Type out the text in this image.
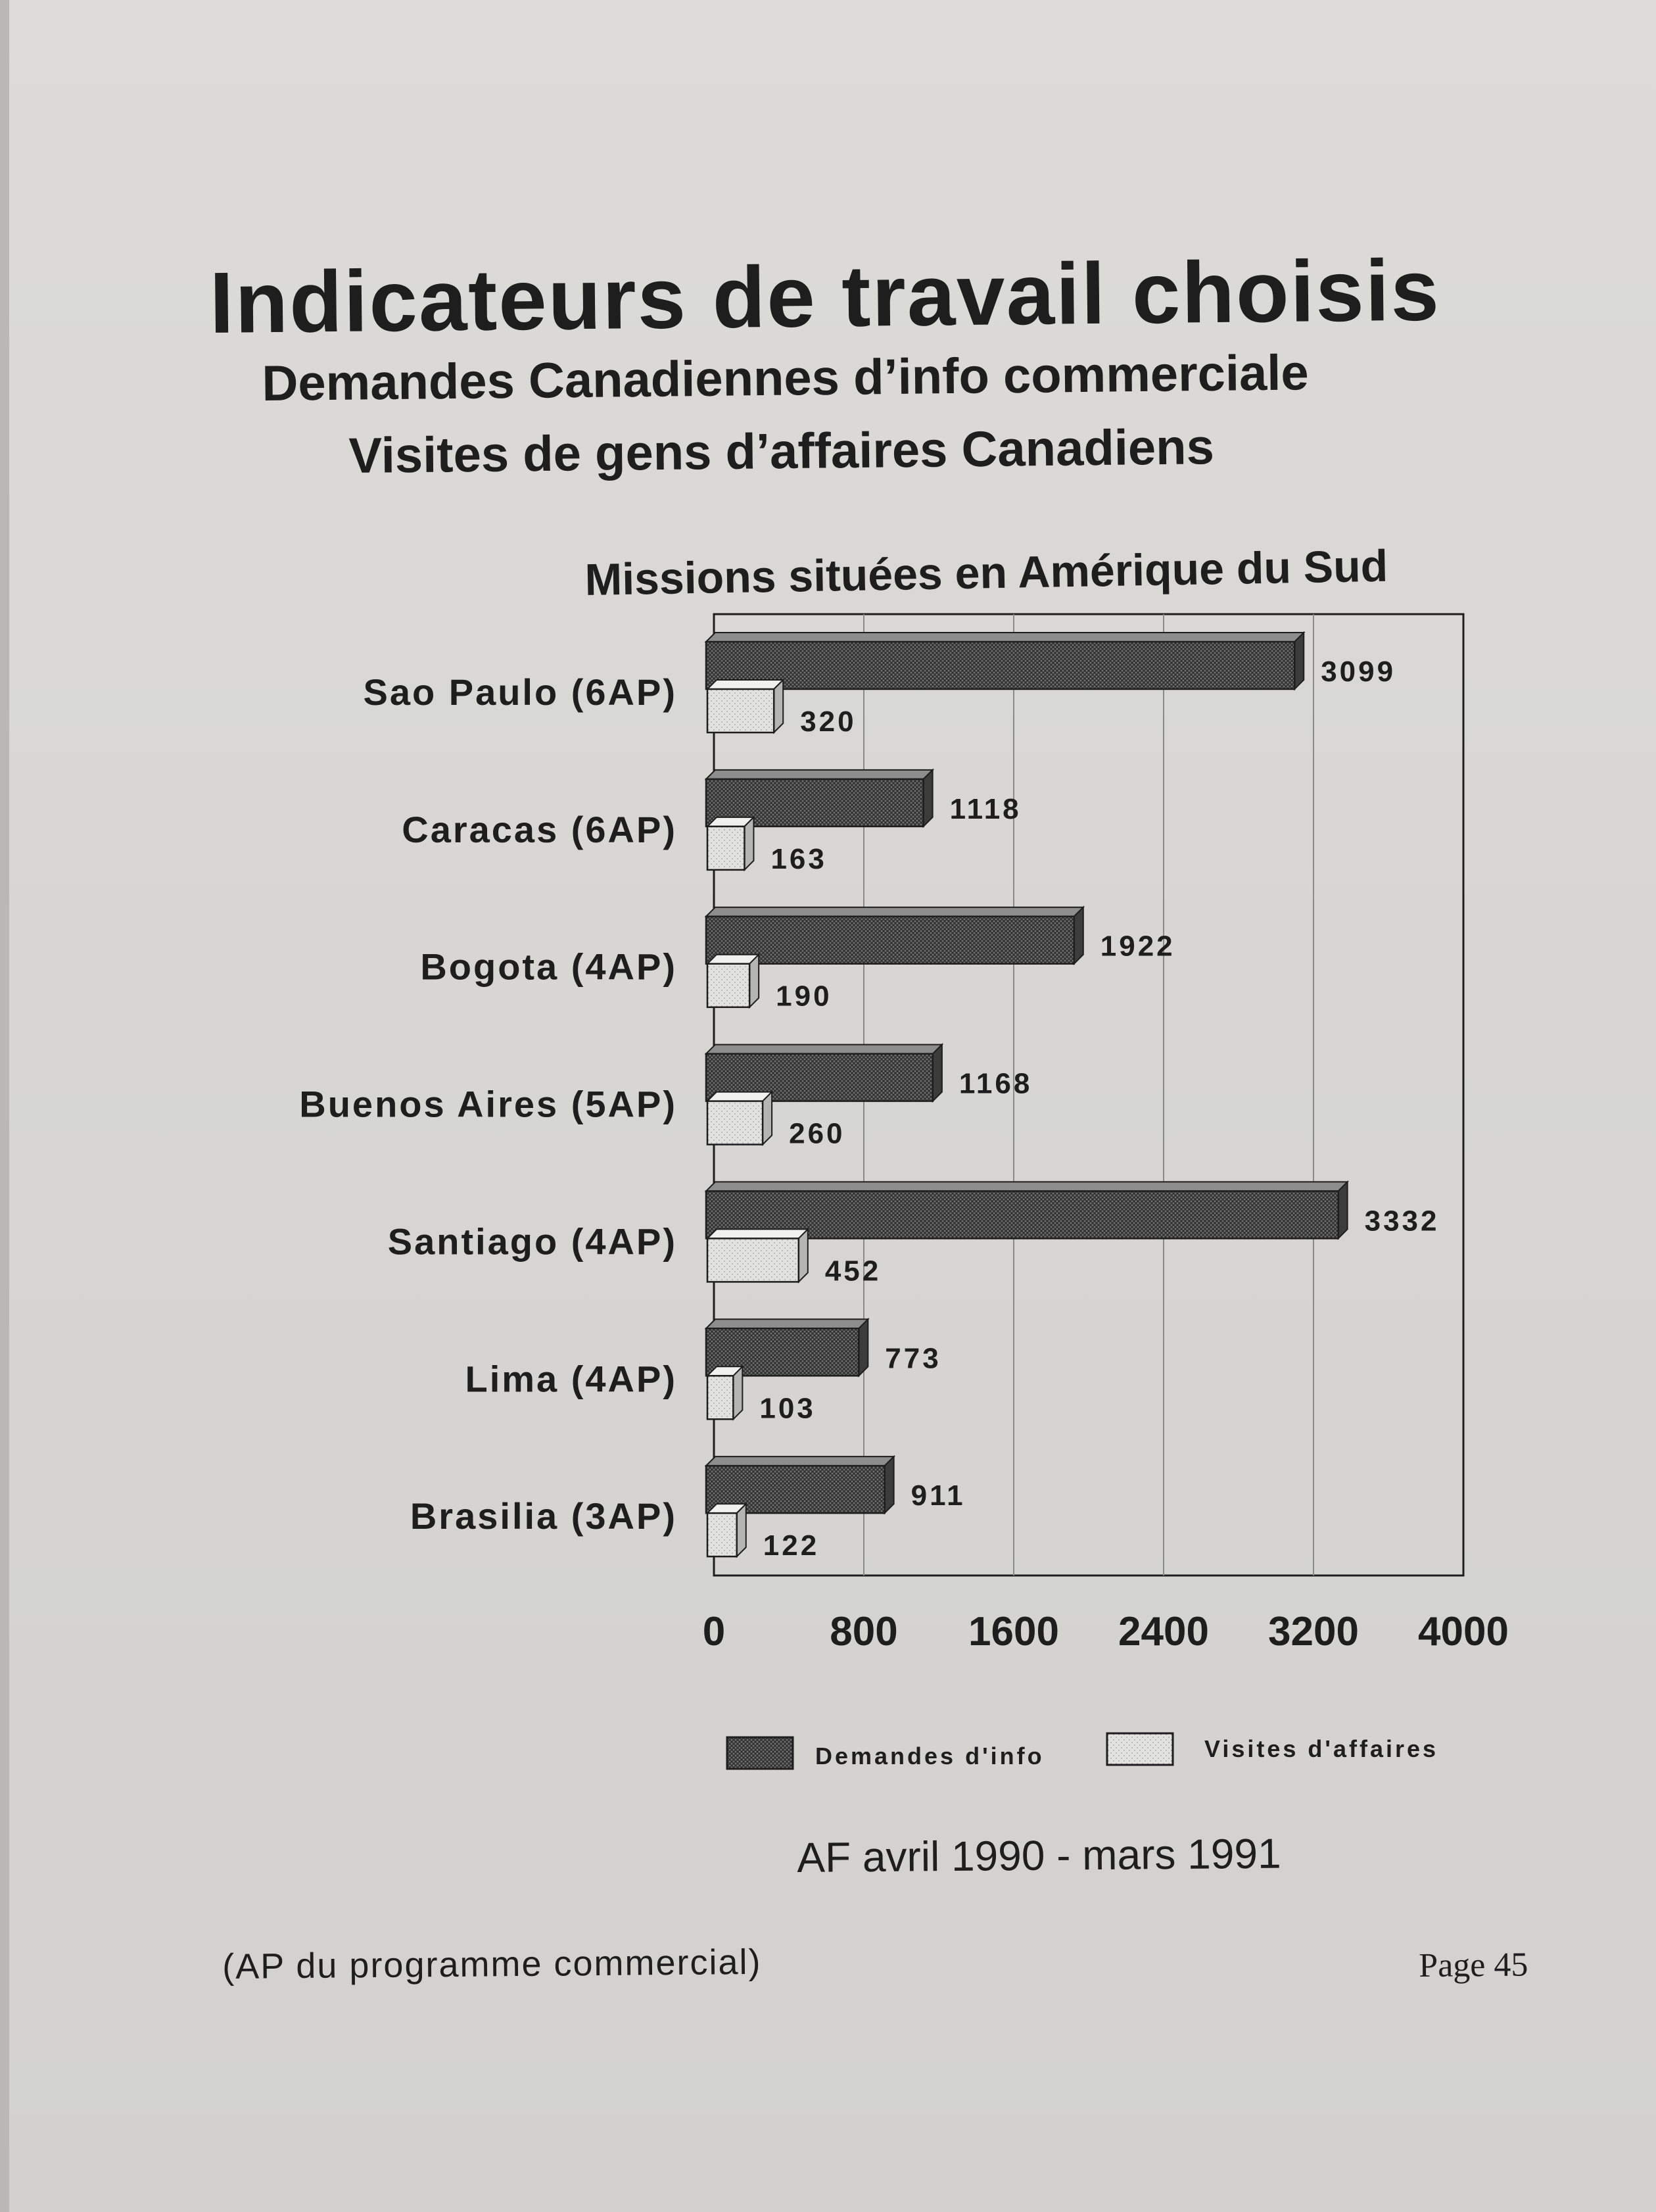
Indicateurs de travail choisis
Demandes Canadiennes d’info commerciale
Visites de gens d’affaires Canadiens
Missions situées en Amérique du Sud
3099
320
1118
163
1922
190
1168
260
3332
452
773
103
911
122
Sao Paulo (6AP)
Caracas (6AP)
Bogota (4AP)
Buenos Aires (5AP)
Santiago (4AP)
Lima (4AP)
Brasilia (3AP)
0	800 1600 2400 3200 4000
Demandes d'info	Visites d'affaires
AF avril 1990 - mars 1991
(AP du programme commercial)	Page 45
